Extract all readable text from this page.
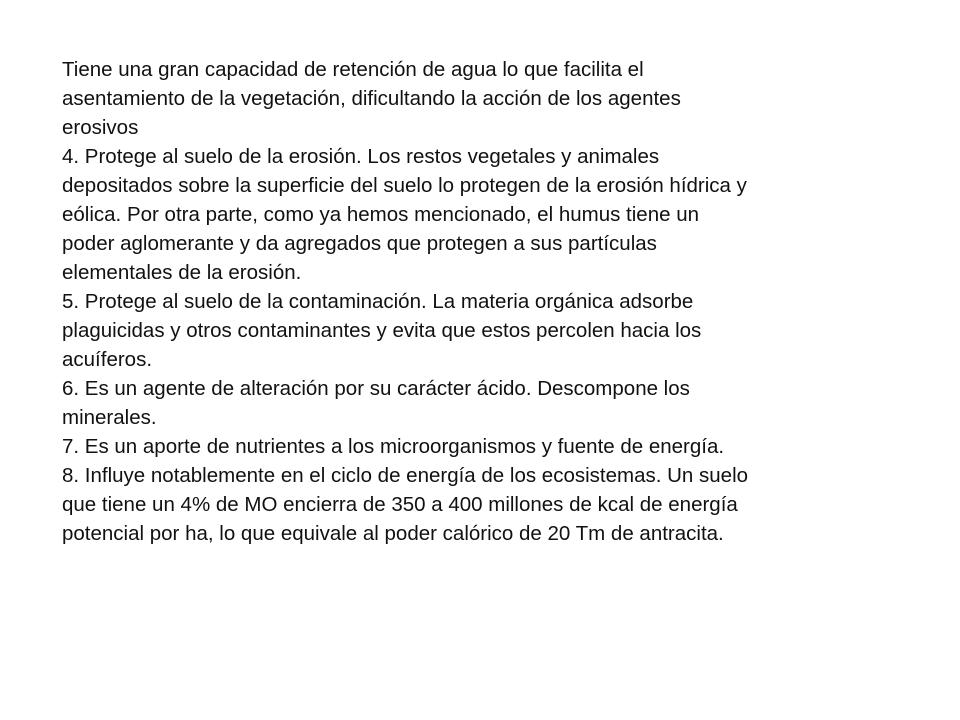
Tiene una gran capacidad de retención de agua lo que facilita el

asentamiento de la vegetación, dificultando la acción de los agentes

erosivos

4. Protege al suelo de la erosión. Los restos vegetales y animales

depositados sobre la superficie del suelo lo protegen de la erosión hídrica y

eólica. Por otra parte, como ya hemos mencionado, el humus tiene un

poder aglomerante y da agregados que protegen a sus partículas

elementales de la erosión.

5. Protege al suelo de la contaminación. La materia orgánica adsorbe

plaguicidas y otros contaminantes y evita que estos percolen hacia los

acuíferos.

6. Es un agente de alteración por su carácter ácido. Descompone los

minerales.

7. Es un aporte de nutrientes a los microorganismos y fuente de energía.

8. Influye notablemente en el ciclo de energía de los ecosistemas. Un suelo

que tiene un 4% de MO encierra de 350 a 400 millones de kcal de energía

potencial por ha, lo que equivale al poder calórico de 20 Tm de antracita.
